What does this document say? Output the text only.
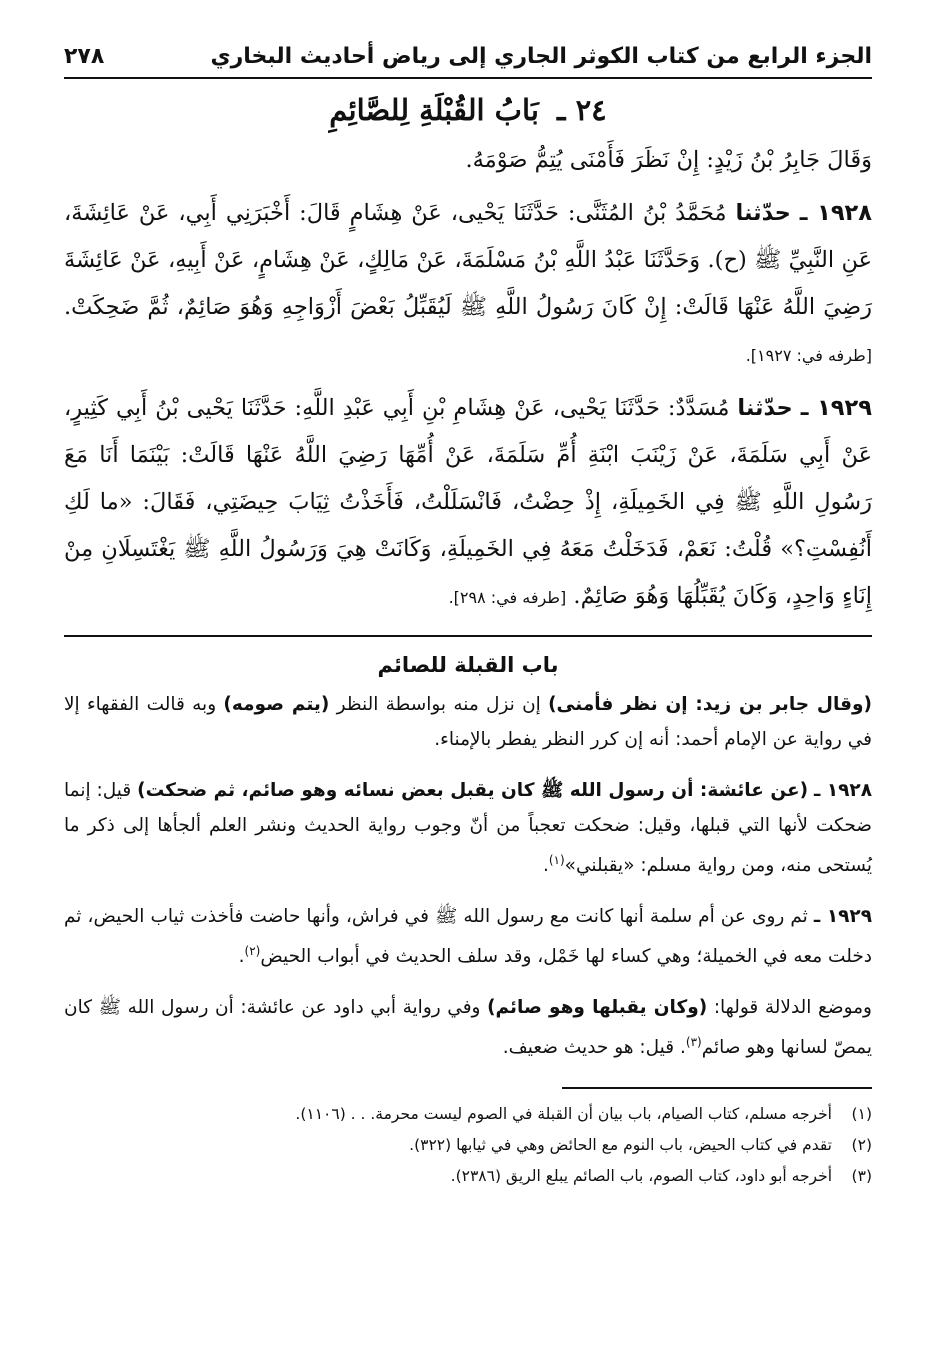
الجزء الرابع من كتاب الكوثر الجاري إلى رياض أحاديث البخاري
٢٧٨
٢٤ ـ بَابُ القُبْلَةِ لِلصَّائِمِ

وَقَالَ جَابِرُ بْنُ زَيْدٍ: إِنْ نَظَرَ فَأَمْنَى يُتِمُّ صَوْمَهُ.

١٩٢٨ ـ حدّثنا مُحَمَّدُ بْنُ المُثَنَّى: حَدَّثَنَا يَحْيى، عَنْ هِشَامٍ قَالَ: أَخْبَرَنِي أَبِي، عَنْ عَائِشَةَ، عَنِ النَّبِيِّ ﷺ (ح). وَحَدَّثَنَا عَبْدُ اللَّهِ بْنُ مَسْلَمَةَ، عَنْ مَالِكٍ، عَنْ هِشَامٍ، عَنْ أَبِيهِ، عَنْ عَائِشَةَ رَضِيَ اللَّهُ عَنْهَا قَالَتْ: إِنْ كَانَ رَسُولُ اللَّهِ ﷺ لَيُقَبِّلُ بَعْضَ أَزْوَاجِهِ وَهُوَ صَائِمٌ، ثُمَّ ضَحِكَتْ. [طرفه في: ١٩٢٧].

١٩٢٩ ـ حدّثنا مُسَدَّدٌ: حَدَّثَنَا يَحْيى، عَنْ هِشَامِ بْنِ أَبِي عَبْدِ اللَّهِ: حَدَّثَنَا يَحْيى بْنُ أَبِي كَثِيرٍ، عَنْ أَبِي سَلَمَةَ، عَنْ زَيْنَبَ ابْنَةِ أُمِّ سَلَمَةَ، عَنْ أُمِّهَا رَضِيَ اللَّهُ عَنْهَا قَالَتْ: بَيْنَمَا أَنَا مَعَ رَسُولِ اللَّهِ ﷺ فِي الخَمِيلَةِ، إِذْ حِضْتُ، فَانْسَلَلْتُ، فَأَخَذْتُ ثِيَابَ حِيضَتِي، فَقَالَ: «ما لَكِ أَنُفِسْتِ؟» قُلْتُ: نَعَمْ، فَدَخَلْتُ مَعَهُ فِي الخَمِيلَةِ، وَكَانَتْ هِيَ وَرَسُولُ اللَّهِ ﷺ يَغْتَسِلَانِ مِنْ إِنَاءٍ وَاحِدٍ، وَكَانَ يُقَبِّلُهَا وَهُوَ صَائِمٌ. [طرفه في: ٢٩٨].

باب القبلة للصائم

(وقال جابر بن زيد: إن نظر فأمنى) إن نزل منه بواسطة النظر (يتم صومه) وبه قالت الفقهاء إلا في رواية عن الإمام أحمد: أنه إن كرر النظر يفطر بالإمناء.

١٩٢٨ ـ (عن عائشة: أن رسول الله ﷺ كان يقبل بعض نسائه وهو صائم، ثم ضحكت) قيل: إنما ضحكت لأنها التي قبلها، وقيل: ضحكت تعجباً من أنّ وجوب رواية الحديث ونشر العلم ألجأها إلى ذكر ما يُستحى منه، ومن رواية مسلم: «يقبلني»$^{(١)}$.

١٩٢٩ ـ ثم روى عن أم سلمة أنها كانت مع رسول الله ﷺ في فراش، وأنها حاضت فأخذت ثياب الحيض، ثم دخلت معه في الخميلة؛ وهي كساء لها خَمْل، وقد سلف الحديث في أبواب الحيض$^{(٢)}$.

وموضع الدلالة قولها: (وكان يقبلها وهو صائم) وفي رواية أبي داود عن عائشة: أن رسول الله ﷺ كان يمصّ لسانها وهو صائم$^{(٣)}$. قيل: هو حديث ضعيف.

(١)
أخرجه مسلم، كتاب الصيام، باب بيان أن القبلة في الصوم ليست محرمة. . . (١١٠٦).
(٢)
تقدم في كتاب الحيض، باب النوم مع الحائض وهي في ثيابها (٣٢٢).
(٣)
أخرجه أبو داود، كتاب الصوم، باب الصائم يبلع الريق (٢٣٨٦).
